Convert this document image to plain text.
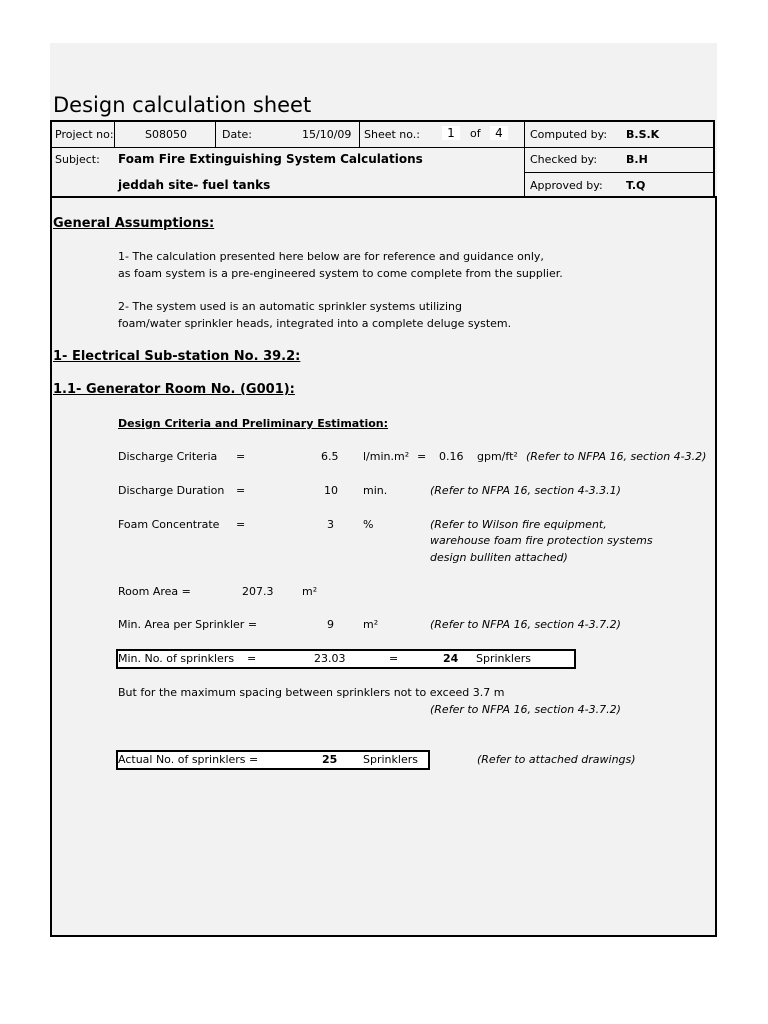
Design calculation sheet
Project no:	S08050	Date:	15/10/09 Sheet no.:	1	of	4	Computed by: B.S.K
Subject: Foam Fire Extinguishing System Calculations
jeddah site- fuel tanks
Checked by:	B.H
Approved by: T.Q
General Assumptions:
1- The calculation presented here below are for reference and guidance only,
as foam system is a pre-engineered system to come complete from the supplier.
2- The system used is an automatic sprinkler systems utilizing
foam/water sprinkler heads, integrated into a complete deluge system.
1- Electrical Sub-station No. 39.2:
1.1- Generator Room No. (G001):
Design Criteria and Preliminary Estimation:
Discharge Criteria =	6.5 l/min.m² = 0.16 gpm/ft² (Refer to NFPA 16, section 4-3.2)
Discharge Duration =	10 min.	(Refer to NFPA 16, section 4-3.3.1)
Foam Concentrate =	3	%	(Refer to Wilson fire equipment,
warehouse foam fire protection systems
design bulliten attached)
Room Area =	207.3	m²
Min. Area per Sprinkler =	9	m²	(Refer to NFPA 16, section 4-3.7.2)
Min. No. of sprinklers =	23.03	=	24 Sprinklers
But for the maximum spacing between sprinklers not to exceed 3.7 m
(Refer to NFPA 16, section 4-3.7.2)
Actual No. of sprinklers =	25 Sprinklers	(Refer to attached drawings)
